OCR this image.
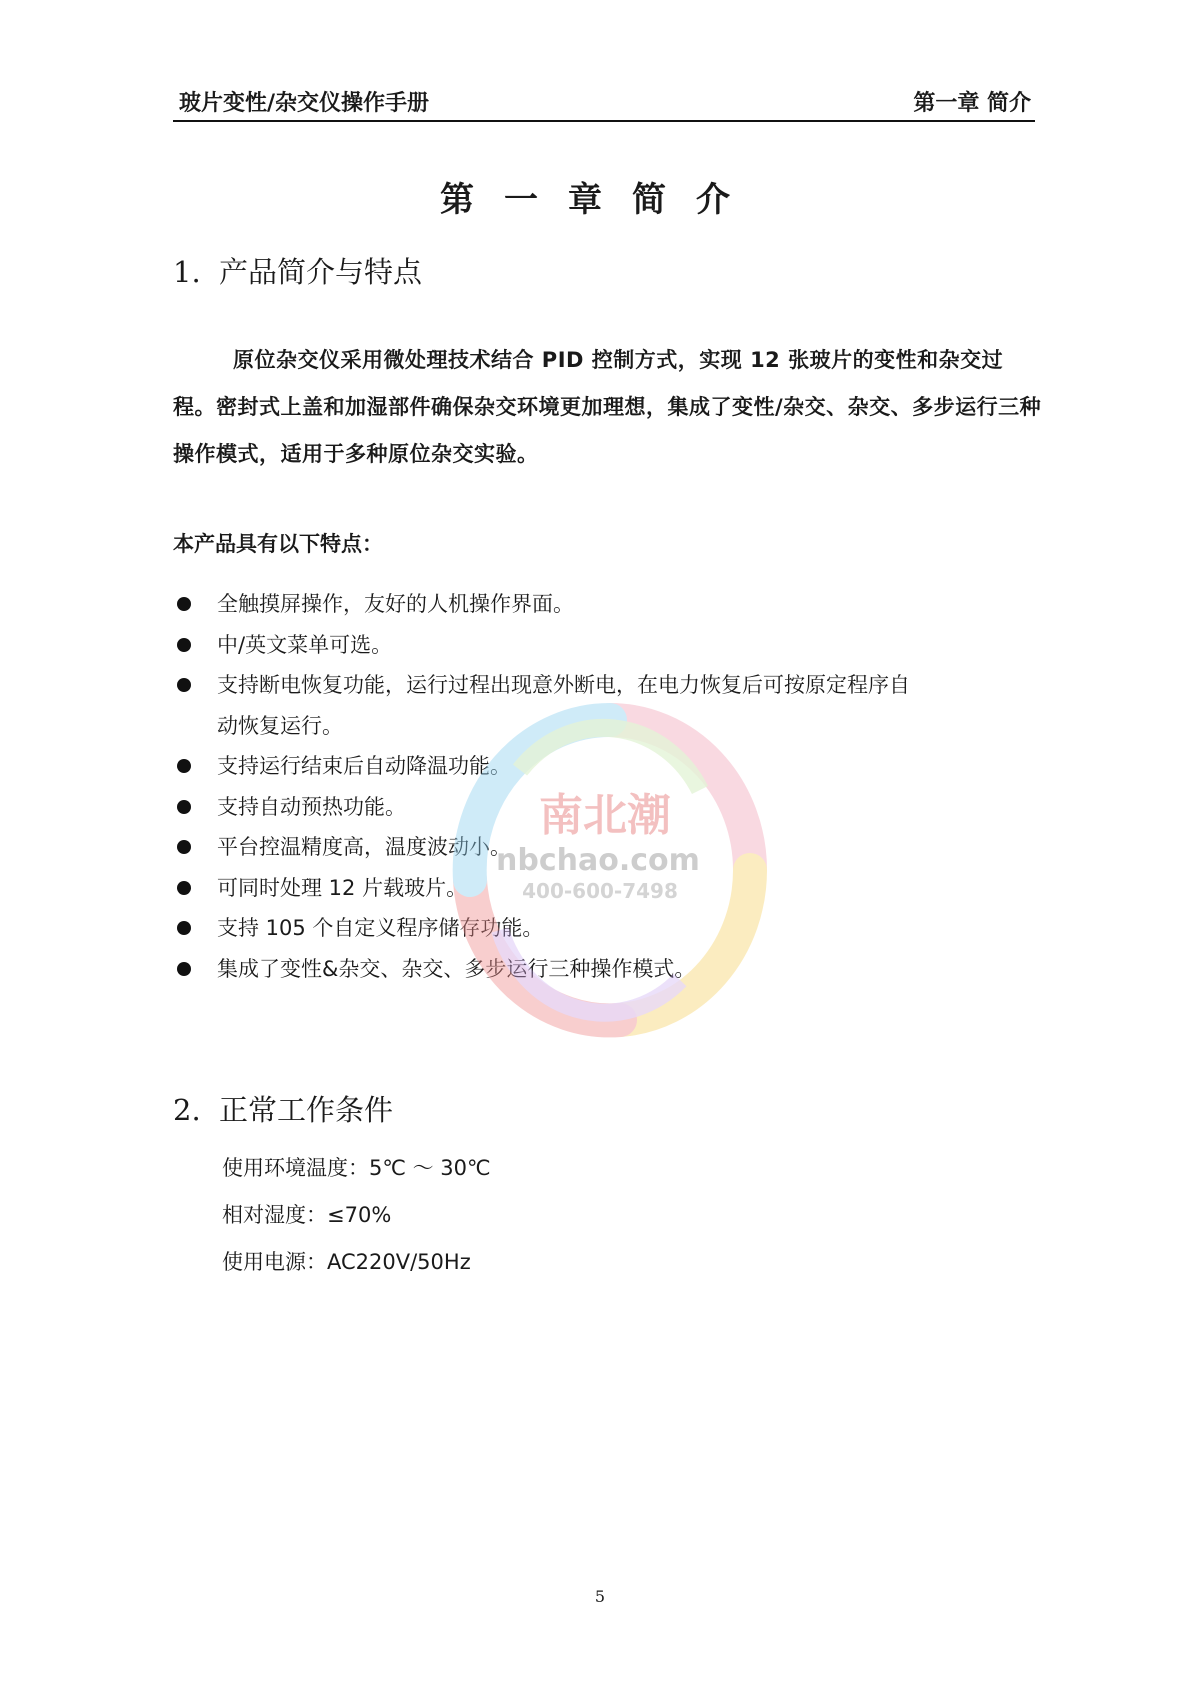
玻片变性/杂交仪操作手册	第一章 简介
第一章简介
1. 产品简介与特点

原位杂交仪采用微处理技术结合 PID 控制方式，实现 12 张玻片的变性和杂交过程。密封式上盖和加湿部件确保杂交环境更加理想，集成了变性/杂交、杂交、多步运行三种操作模式，适用于多种原位杂交实验。

本产品具有以下特点：
全触摸屏操作，友好的人机操作界面。
中/英文菜单可选。
支持断电恢复功能，运行过程出现意外断电，在电力恢复后可按原定程序自动恢复运行。
支持运行结束后自动降温功能。
支持自动预热功能。
平台控温精度高，温度波动小。
可同时处理 12 片载玻片。
支持 105 个自定义程序储存功能。
集成了变性&杂交、杂交、多步运行三种操作模式。
2. 正常工作条件
使用环境温度：5℃ ～ 30℃
相对湿度：≤70%
使用电源：AC220V/50Hz
5
南北潮
nbchao.com
400-600-7498
